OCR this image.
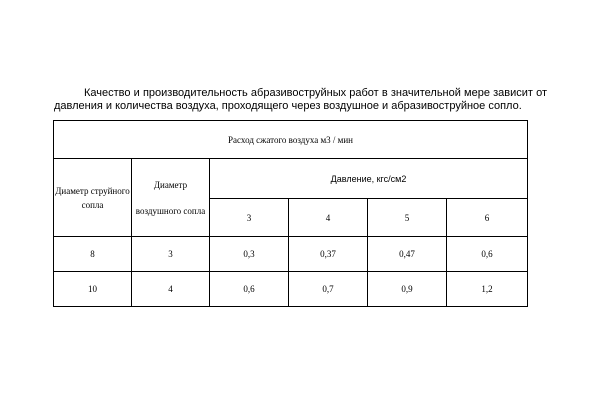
Качество и производительность абразивоструйных работ в значительной мере зависит от давления и количества воздуха, проходящего через воздушное и абразивоструйное сопло.

Расход сжатого воздуха м3 / мин					
Диаметр струйного сопла	Диаметр воздушного сопла	Давление, кгс/см2			
		3	4	5	6
8	3	0,3	0,37	0,47	0,6
10	4	0,6	0,7	0,9	1,2
